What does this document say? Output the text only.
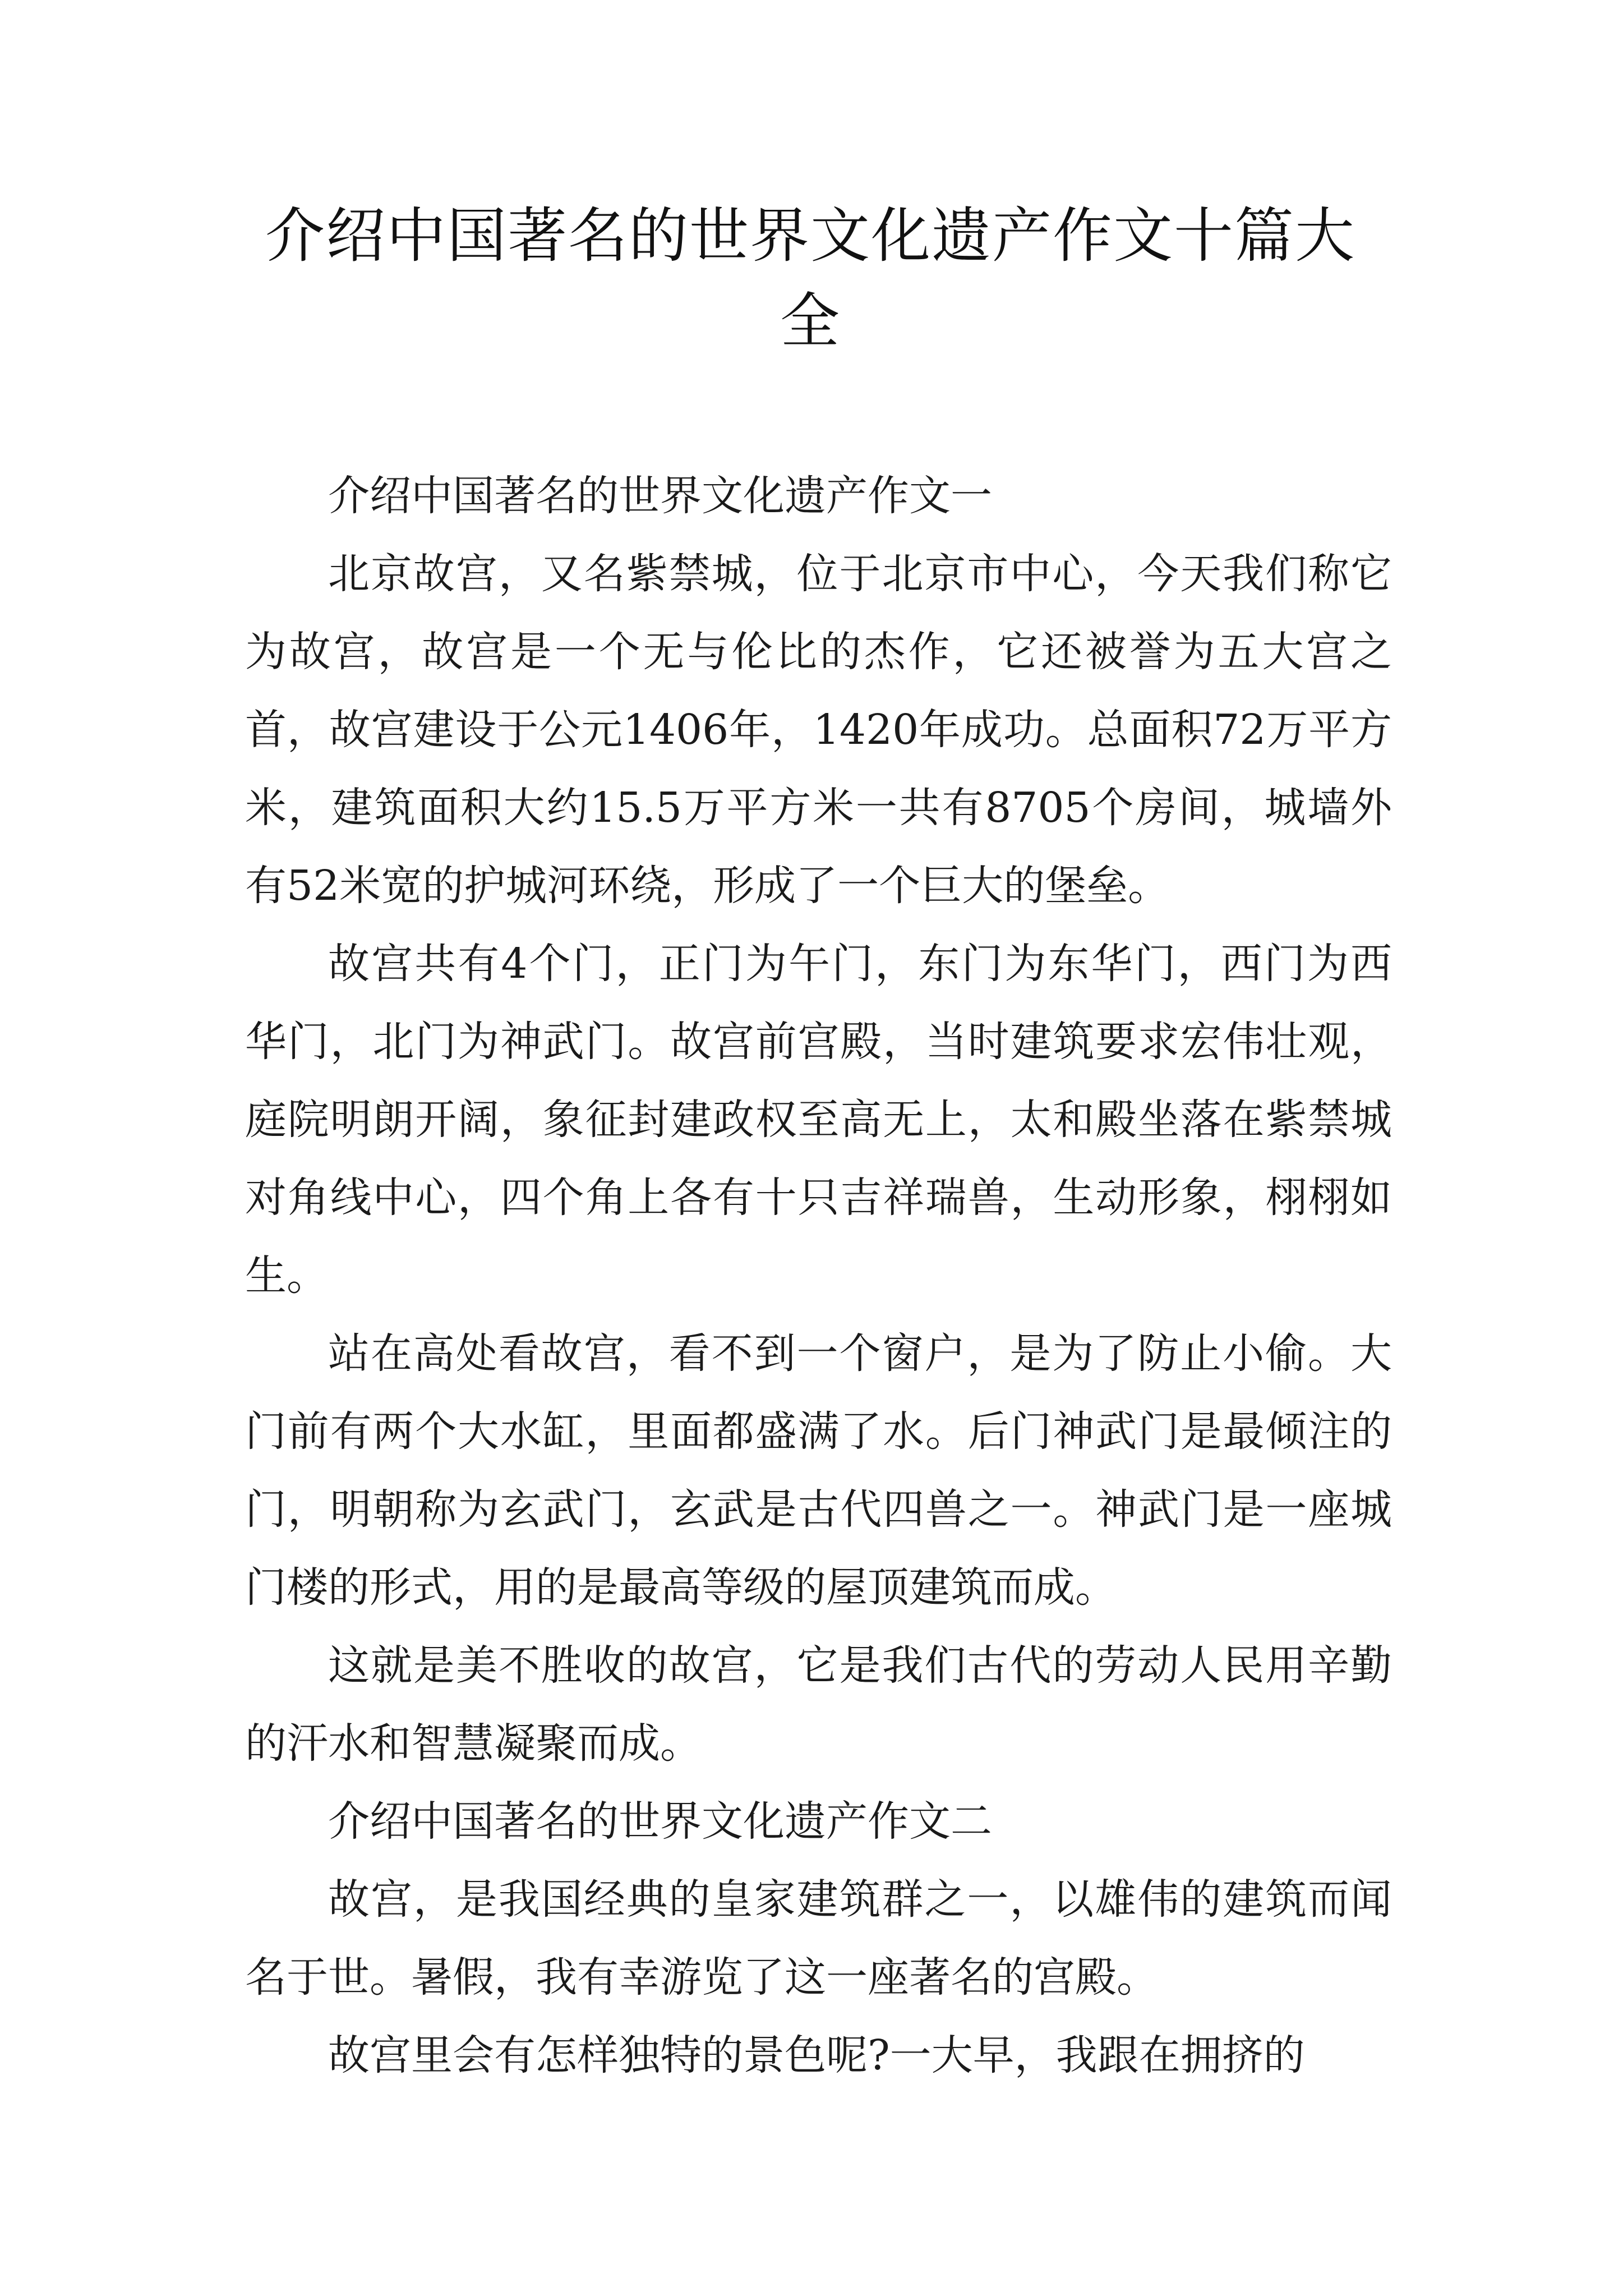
介绍中国著名的世界文化遗产作文十篇大全

介绍中国著名的世界文化遗产作文一

北京故宫，又名紫禁城，位于北京市中心，今天我们称它为故宫，故宫是一个无与伦比的杰作，它还被誉为五大宫之首，故宫建设于公元1406年，1420年成功。总面积72万平方米，建筑面积大约15.5万平方米一共有8705个房间，城墙外有52米宽的护城河环绕，形成了一个巨大的堡垒。

故宫共有4个门，正门为午门，东门为东华门，西门为西华门，北门为神武门。故宫前宫殿，当时建筑要求宏伟壮观，庭院明朗开阔，象征封建政权至高无上，太和殿坐落在紫禁城对角线中心，四个角上各有十只吉祥瑞兽，生动形象，栩栩如生。

站在高处看故宫，看不到一个窗户，是为了防止小偷。大门前有两个大水缸，里面都盛满了水。后门神武门是最倾注的门，明朝称为玄武门，玄武是古代四兽之一。神武门是一座城门楼的形式，用的是最高等级的屋顶建筑而成。

这就是美不胜收的故宫，它是我们古代的劳动人民用辛勤的汗水和智慧凝聚而成。

介绍中国著名的世界文化遗产作文二

故宫，是我国经典的皇家建筑群之一，以雄伟的建筑而闻名于世。暑假，我有幸游览了这一座著名的宫殿。

故宫里会有怎样独特的景色呢?一大早，我跟在拥挤的
